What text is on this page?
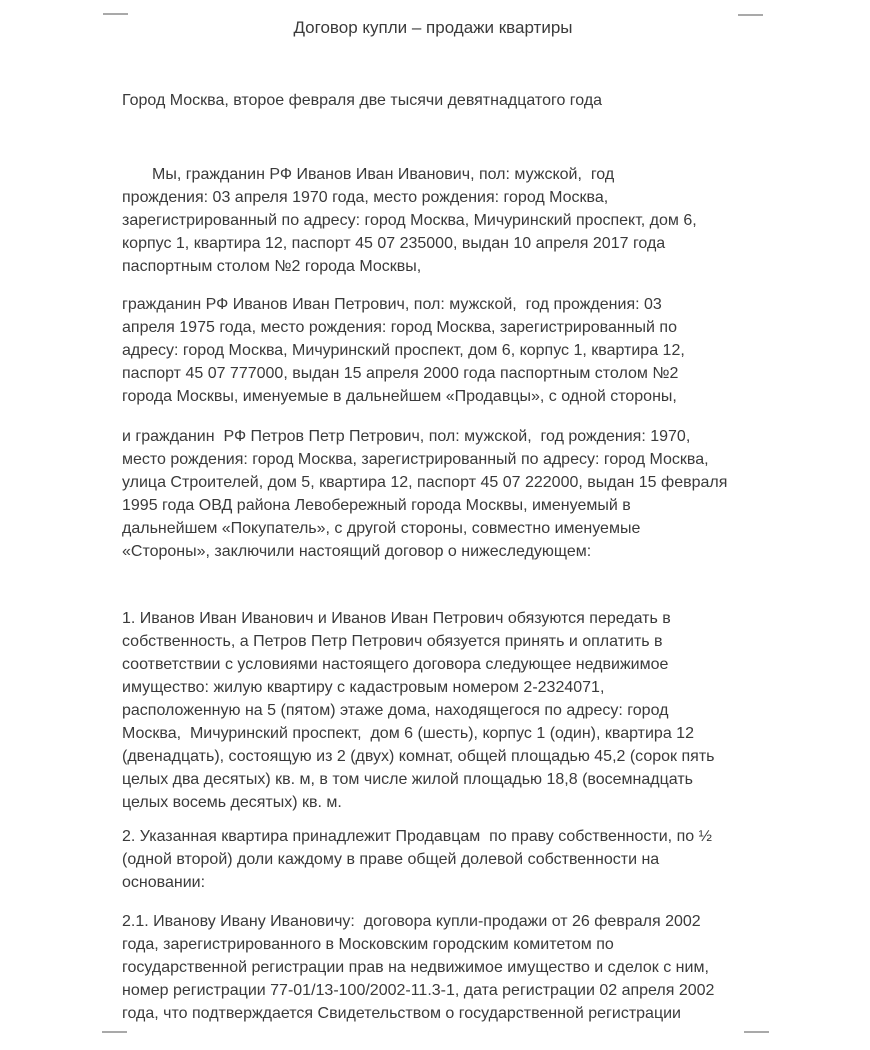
Договор купли – продажи квартиры
Город Москва, второе февраля две тысячи девятнадцатого года
Мы, гражданин РФ Иванов Иван Иванович, пол: мужской,  год
прождения: 03 апреля 1970 года, место рождения: город Москва,
зарегистрированный по адресу: город Москва, Мичуринский проспект, дом 6,
корпус 1, квартира 12, паспорт 45 07 235000, выдан 10 апреля 2017 года
паспортным столом №2 города Москвы,
гражданин РФ Иванов Иван Петрович, пол: мужской,  год прождения: 03
апреля 1975 года, место рождения: город Москва, зарегистрированный по
адресу: город Москва, Мичуринский проспект, дом 6, корпус 1, квартира 12,
паспорт 45 07 777000, выдан 15 апреля 2000 года паспортным столом №2
города Москвы, именуемые в дальнейшем «Продавцы», с одной стороны,
и гражданин  РФ Петров Петр Петрович, пол: мужской,  год рождения: 1970,
место рождения: город Москва, зарегистрированный по адресу: город Москва,
улица Строителей, дом 5, квартира 12, паспорт 45 07 222000, выдан 15 февраля
1995 года ОВД района Левобережный города Москвы, именуемый в
дальнейшем «Покупатель», с другой стороны, совместно именуемые
«Стороны», заключили настоящий договор о нижеследующем:
1. Иванов Иван Иванович и Иванов Иван Петрович обязуются передать в
собственность, а Петров Петр Петрович обязуется принять и оплатить в
соответствии с условиями настоящего договора следующее недвижимое
имущество: жилую квартиру с кадастровым номером 2-2324071,
расположенную на 5 (пятом) этаже дома, находящегося по адресу: город
Москва,  Мичуринский проспект,  дом 6 (шесть), корпус 1 (один), квартира 12
(двенадцать), состоящую из 2 (двух) комнат, общей площадью 45,2 (сорок пять
целых два десятых) кв. м, в том числе жилой площадью 18,8 (восемнадцать
целых восемь десятых) кв. м.
2. Указанная квартира принадлежит Продавцам  по праву собственности, по ½
(одной второй) доли каждому в праве общей долевой собственности на
основании:
2.1. Иванову Ивану Ивановичу:  договора купли-продажи от 26 февраля 2002
года, зарегистрированного в Московским городским комитетом по
государственной регистрации прав на недвижимое имущество и сделок с ним,
номер регистрации 77-01/13-100/2002-11.3-1, дата регистрации 02 апреля 2002
года, что подтверждается Свидетельством о государственной регистрации
